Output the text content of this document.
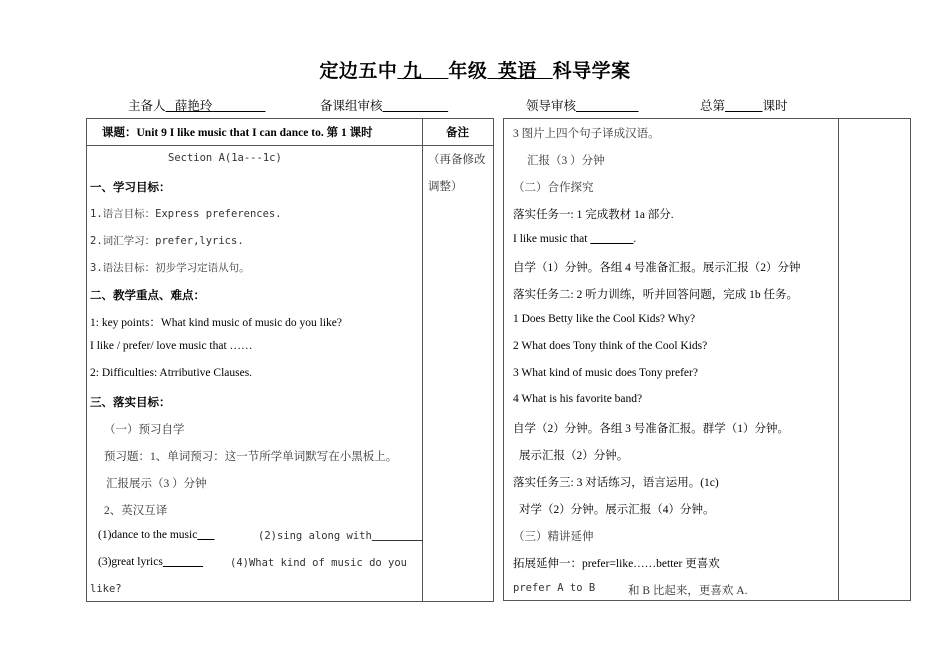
定边五中 九 年级 英语 科导学案
主备人 薛艳玲	备课组审核	领导审核	总第	课时
课题：Unit 9 I like music that I can dance to. 第 1 课时	备注
（再备修改
调整）
Section A(1a---1c)
一、学习目标：
1.语言目标：Express preferences.
2.词汇学习：prefer,lyrics.
3.语法目标：初步学习定语从句。
二、教学重点、难点：
1: key points：What kind music of music do you like?
I like / prefer/ love music that ……
2: Difficulties: Atrributive Clauses.
三、落实目标：
（一）预习自学
预习题：1、单词预习：这一节所学单词默写在小黑板上。
汇报展示（3 ）分钟
2、英汉互译
(1)dance to the music	(2)sing along with
(3)great lyrics	(4)What kind of music do you
like?
3 图片上四个句子译成汉语。
汇报（3 ）分钟
（二）合作探究
落实任务一: 1 完成教材 1a 部分.
I like music that	.
自学（1）分钟。各组 4 号准备汇报。展示汇报（2）分钟
落实任务二: 2 听力训练，听并回答问题，完成 1b 任务。
1 Does Betty like the Cool Kids? Why?
2 What does Tony think of the Cool Kids?
3 What kind of music does Tony prefer?
4 What is his favorite band?
自学（2）分钟。各组 3 号准备汇报。群学（1）分钟。
展示汇报（2）分钟。
落实任务三: 3 对话练习，语言运用。(1c)
对学（2）分钟。展示汇报（4）分钟。
（三）精讲延伸
拓展延伸一：prefer=like……better 更喜欢
prefer A to B	和 B 比起来，更喜欢 A.
